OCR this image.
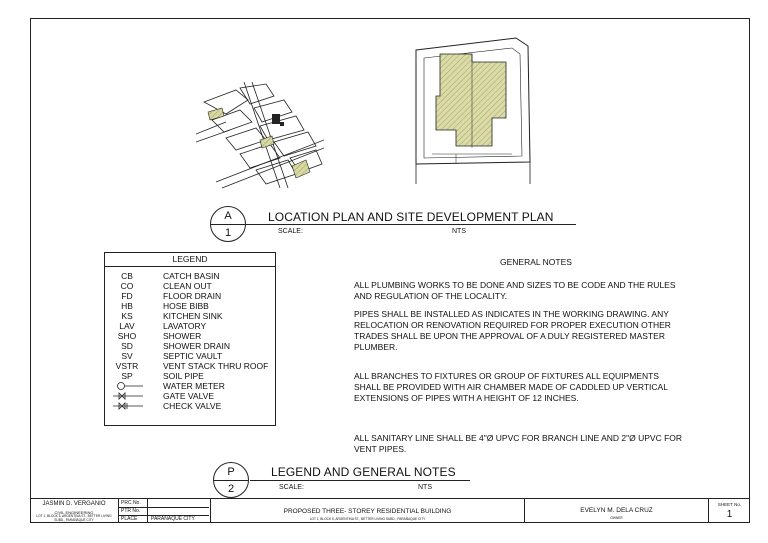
A
1
LOCATION PLAN AND SITE DEVELOPMENT PLAN
SCALE:	NTS
GENERAL NOTES
ALL PLUMBING WORKS TO BE DONE AND SIZES TO BE CODE AND THE RULES AND REGULATION OF THE LOCALITY.
PIPES SHALL BE INSTALLED AS INDICATES IN THE WORKING DRAWING. ANY RELOCATION OR RENOVATION REQUIRED FOR PROPER EXECUTION OTHER TRADES SHALL BE UPON THE APPROVAL OF A DULY REGISTERED MASTER PLUMBER.
ALL BRANCHES TO FIXTURES OR GROUP OF FIXTURES ALL EQUIPMENTS SHALL BE PROVIDED WITH AIR CHAMBER MADE OF CADDLED UP VERTICAL EXTENSIONS OF PIPES WITH A HEIGHT OF 12 INCHES.
ALL SANITARY LINE SHALL BE 4"Ø UPVC FOR BRANCH LINE AND 2"Ø UPVC FOR VENT PIPES.
LEGEND
CB	CATCH BASIN
CO	CLEAN OUT
FD	FLOOR DRAIN
HB	HOSE BIBB
KS	KITCHEN SINK
LAV	LAVATORY
SHO	SHOWER
SD	SHOWER DRAIN
SV	SEPTIC VAULT
VSTR	VENT STACK THRU ROOF
SP	SOIL PIPE
WATER METER
GATE VALVE
CHECK VALVE
P
2
LEGEND AND GENERAL NOTES
SCALE:	NTS
JASMIN D. VERGANIO
CIVIL ENGINEERING
LOT 1, BLOCK 5, ARGENTINA ST., BETTER LIVING SUBD., PARAÑAQUE CITY
PRC No.
PTR No.
PLACE	PARAÑAQUE CITY
PROPOSED THREE- STOREY RESIDENTIAL BUILDING
LOT 1, BLOCK 5, ARGENTINA ST., BETTER LIVING SUBD., PARAÑAQUE CITY
EVELYN M. DELA CRUZ
OWNER
SHEET No.
1
